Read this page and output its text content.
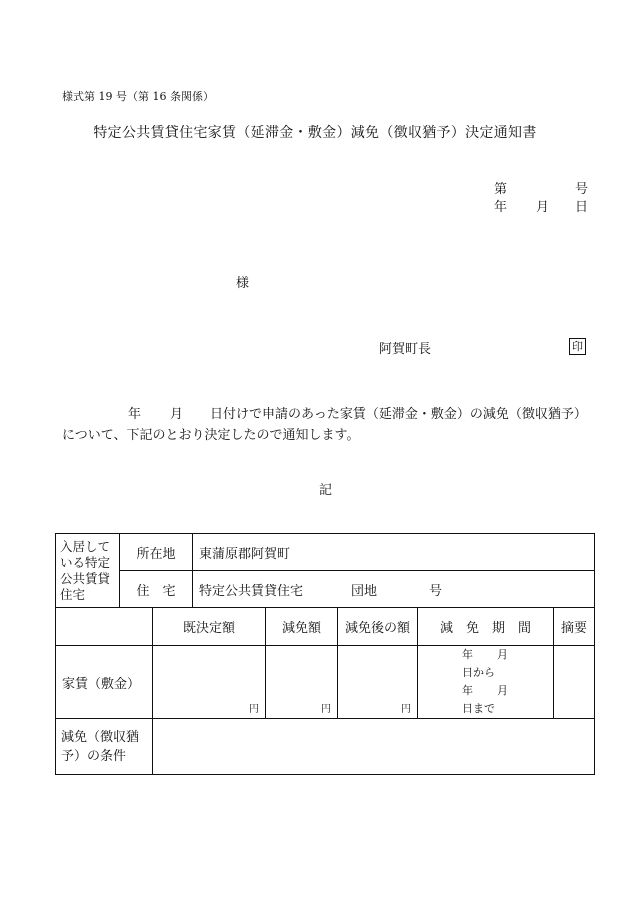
様式第 19 号（第 16 条関係）
特定公共賃貸住宅家賃（延滞金・敷金）減免（徴収猶予）決定通知書
第	号
年 月 日
様
阿賀町長	印
年 月 日付けで申請のあった家賃（延滞金・敷金）の減免（徴収猶予）
について、下記のとおり決定したので通知します。
記
入居して
いる特定
公共賃貸
住宅	所在地		東蒲原郡阿賀町				
	住　宅		特定公共賃貸住宅 団地 号				
		既決定額		減免額	減免後の額	減　免　期　間	摘要
家賃（敷金）		円		円	円	年 月日から
年 月日まで	

減免（徴収猶
予）の条件							
